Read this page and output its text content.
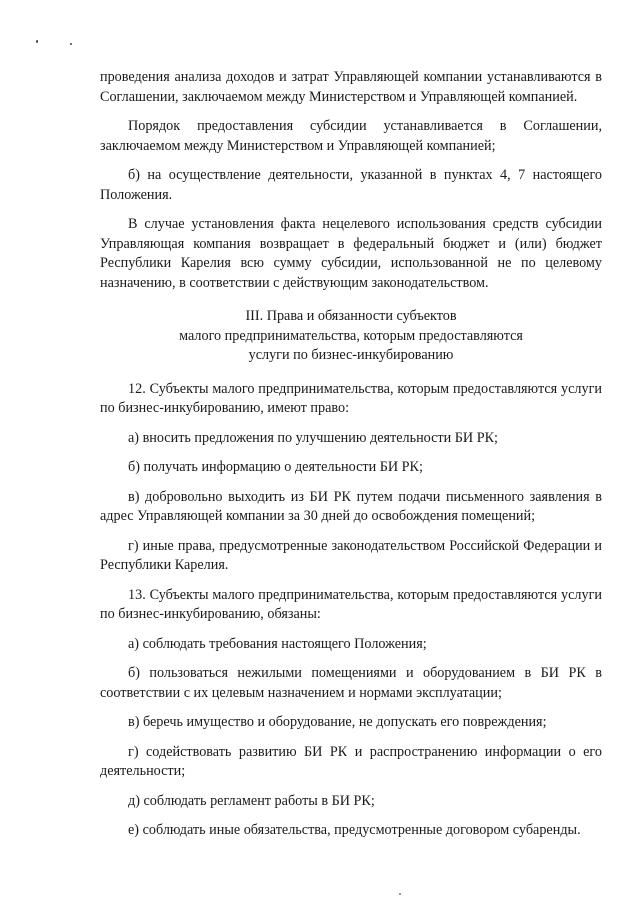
проведения анализа доходов и затрат Управляющей компании устанавливаются в Соглашении, заключаемом между Министерством и Управляющей компанией.

Порядок предоставления субсидии устанавливается в Соглашении, заключаемом между Министерством и Управляющей компанией;

б) на осуществление деятельности, указанной в пунктах 4, 7 настоящего Положения.

В случае установления факта нецелевого использования средств субсидии Управляющая компания возвращает в федеральный бюджет и (или) бюджет Республики Карелия всю сумму субсидии, использованной не по целевому назначению, в соответствии с действующим законодательством.

III. Права и обязанности субъектов

малого предпринимательства, которым предоставляются

услуги по бизнес-инкубированию

12. Субъекты малого предпринимательства, которым предоставляются услуги по бизнес-инкубированию, имеют право:

а) вносить предложения по улучшению деятельности БИ РК;

б) получать информацию о деятельности БИ РК;

в) добровольно выходить из БИ РК путем подачи письменного заявления в адрес Управляющей компании за 30 дней до освобождения помещений;

г) иные права, предусмотренные законодательством Российской Федерации и Республики Карелия.

13. Субъекты малого предпринимательства, которым предоставляются услуги по бизнес-инкубированию, обязаны:

а) соблюдать требования настоящего Положения;

б) пользоваться нежилыми помещениями и оборудованием в БИ РК в соответствии с их целевым назначением и нормами эксплуатации;

в) беречь имущество и оборудование, не допускать его повреждения;

г) содействовать развитию БИ РК и распространению информации о его деятельности;

д) соблюдать регламент работы в БИ РК;

е) соблюдать иные обязательства, предусмотренные договором субаренды.
